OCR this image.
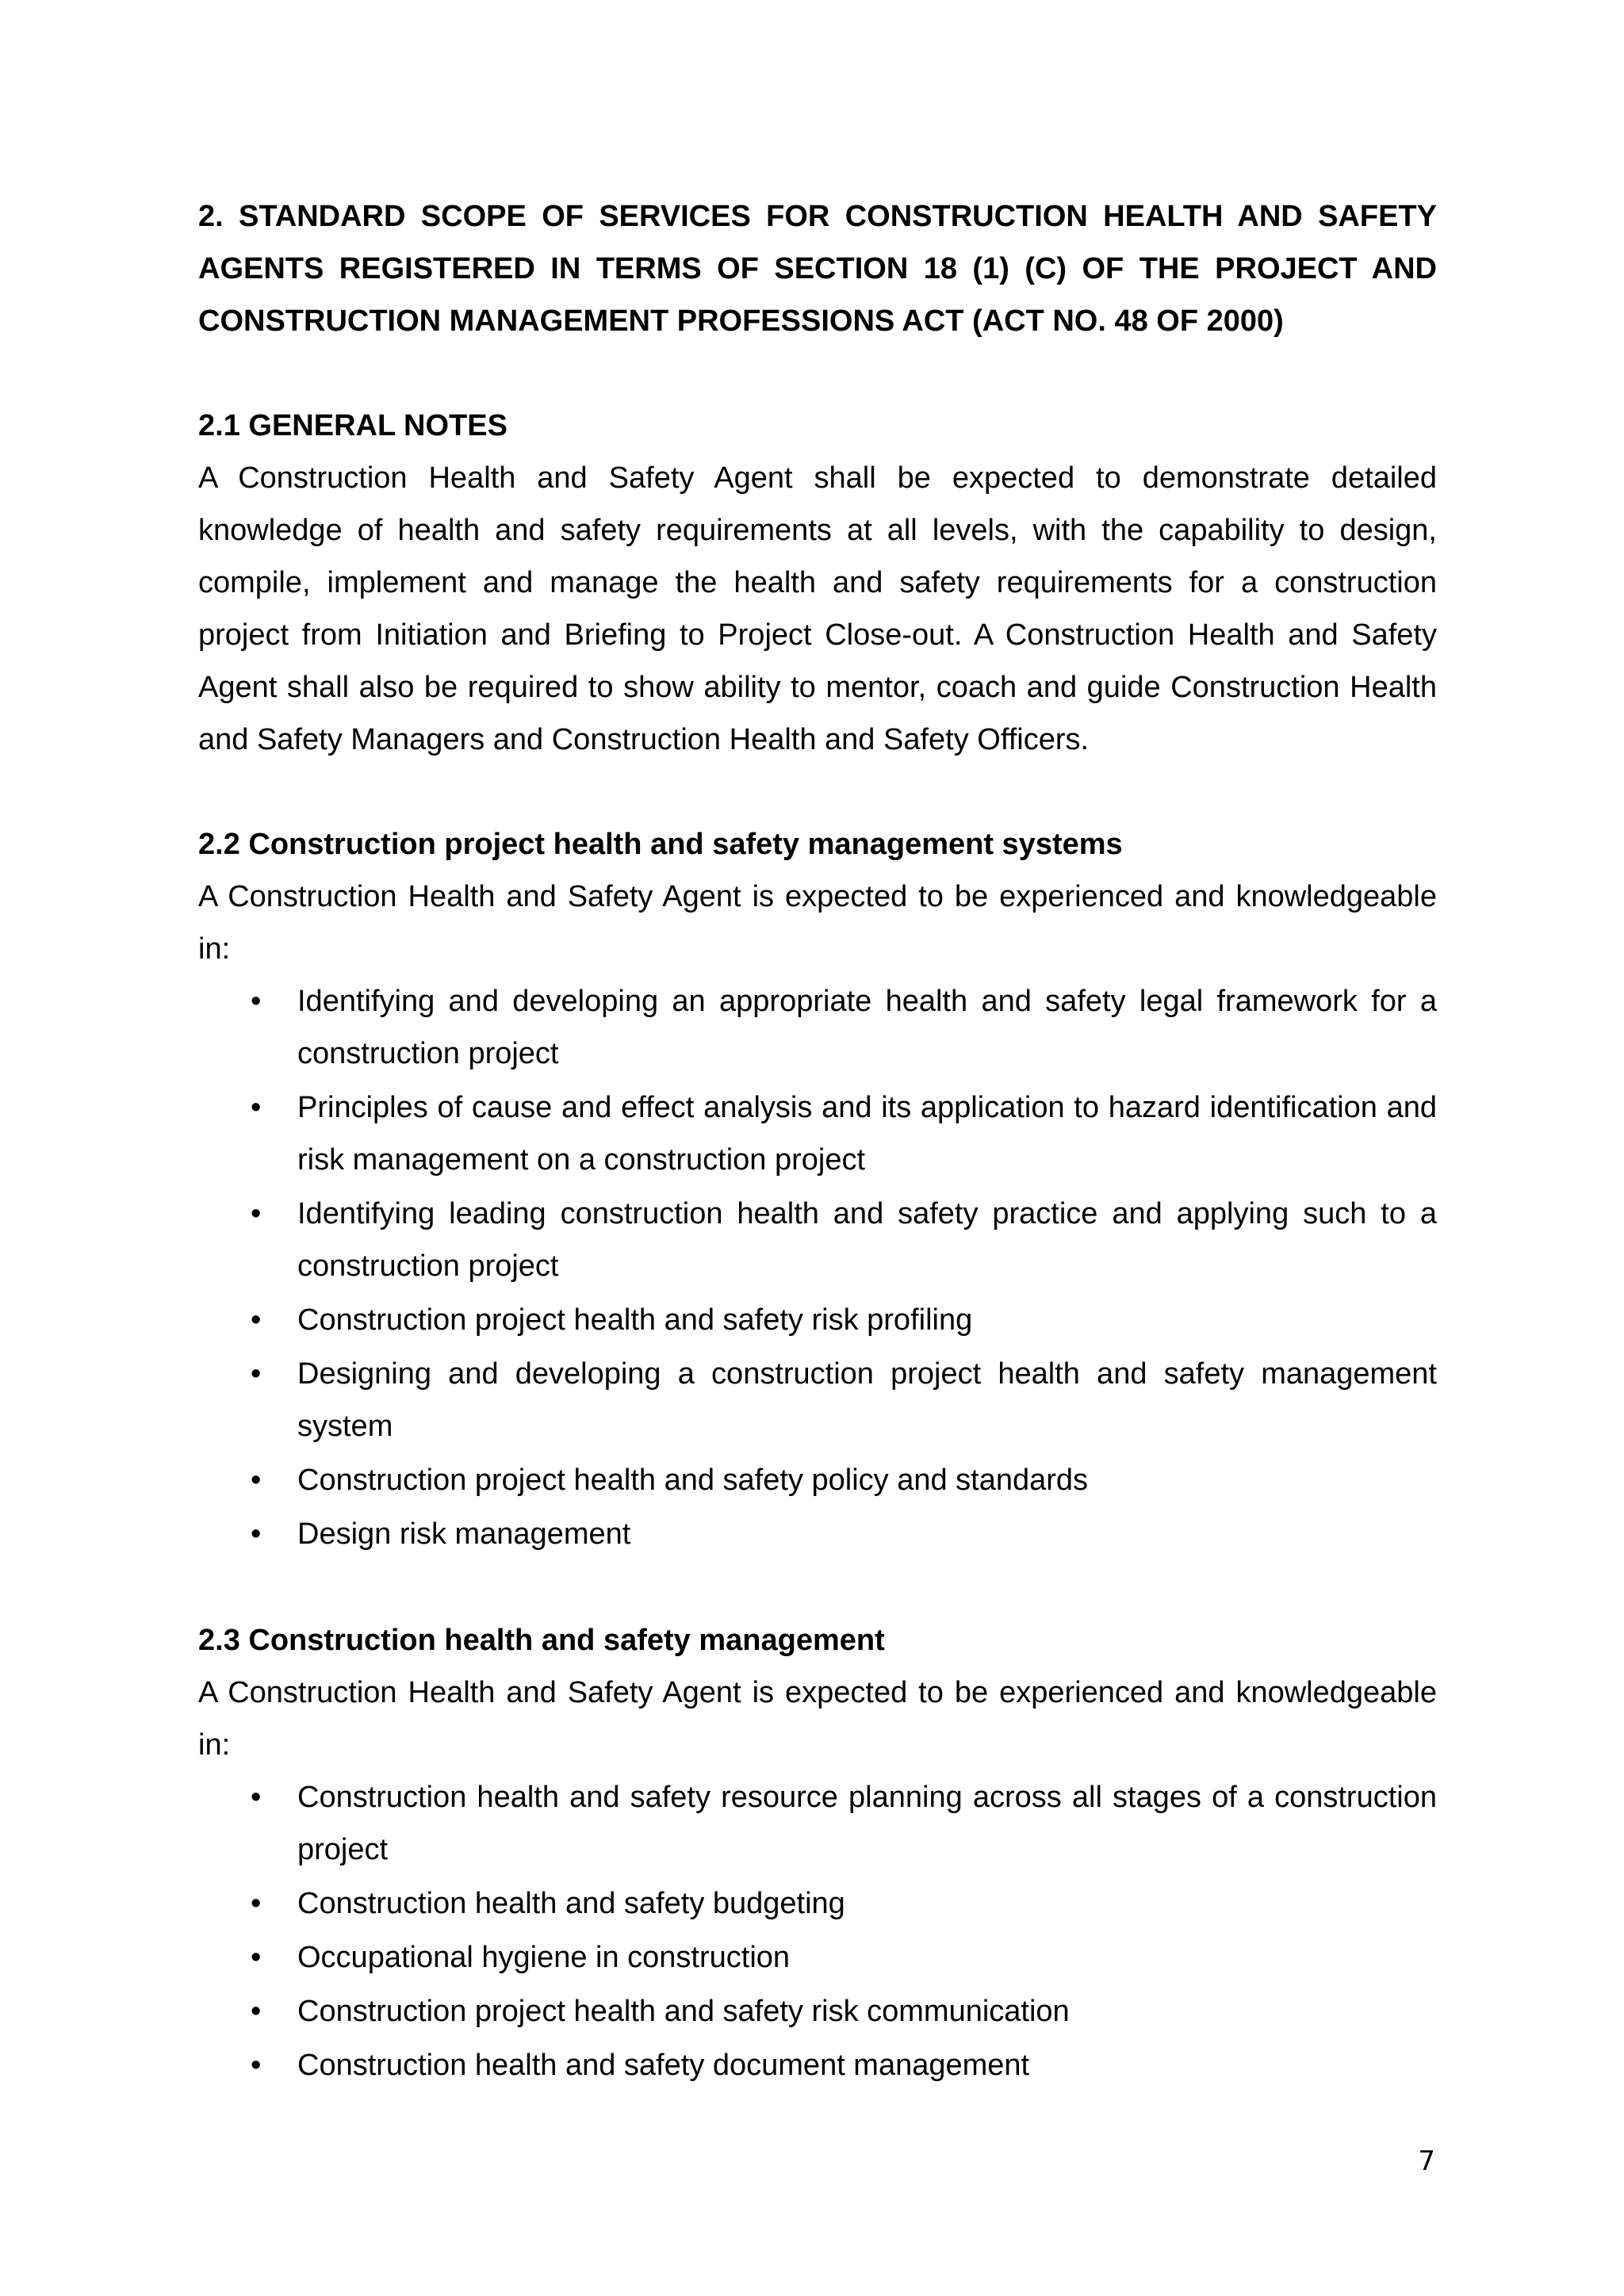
2. STANDARD SCOPE OF SERVICES FOR CONSTRUCTION HEALTH AND SAFETY AGENTS REGISTERED IN TERMS OF SECTION 18 (1) (C) OF THE PROJECT AND CONSTRUCTION MANAGEMENT PROFESSIONS ACT (ACT NO. 48 OF 2000)

2.1 GENERAL NOTES

A Construction Health and Safety Agent shall be expected to demonstrate detailed knowledge of health and safety requirements at all levels, with the capability to design, compile, implement and manage the health and safety requirements for a construction project from Initiation and Briefing to Project Close-out. A Construction Health and Safety Agent shall also be required to show ability to mentor, coach and guide Construction Health and Safety Managers and Construction Health and Safety Officers.

2.2 Construction project health and safety management systems

A Construction Health and Safety Agent is expected to be experienced and knowledgeable in:

• Identifying and developing an appropriate health and safety legal framework for a construction project
• Principles of cause and effect analysis and its application to hazard identification and risk management on a construction project
• Identifying leading construction health and safety practice and applying such to a construction project
• Construction project health and safety risk profiling
• Designing and developing a construction project health and safety management system
• Construction project health and safety policy and standards
• Design risk management

2.3 Construction health and safety management

A Construction Health and Safety Agent is expected to be experienced and knowledgeable in:

• Construction health and safety resource planning across all stages of a construction project
• Construction health and safety budgeting
• Occupational hygiene in construction
• Construction project health and safety risk communication
• Construction health and safety document management
7
